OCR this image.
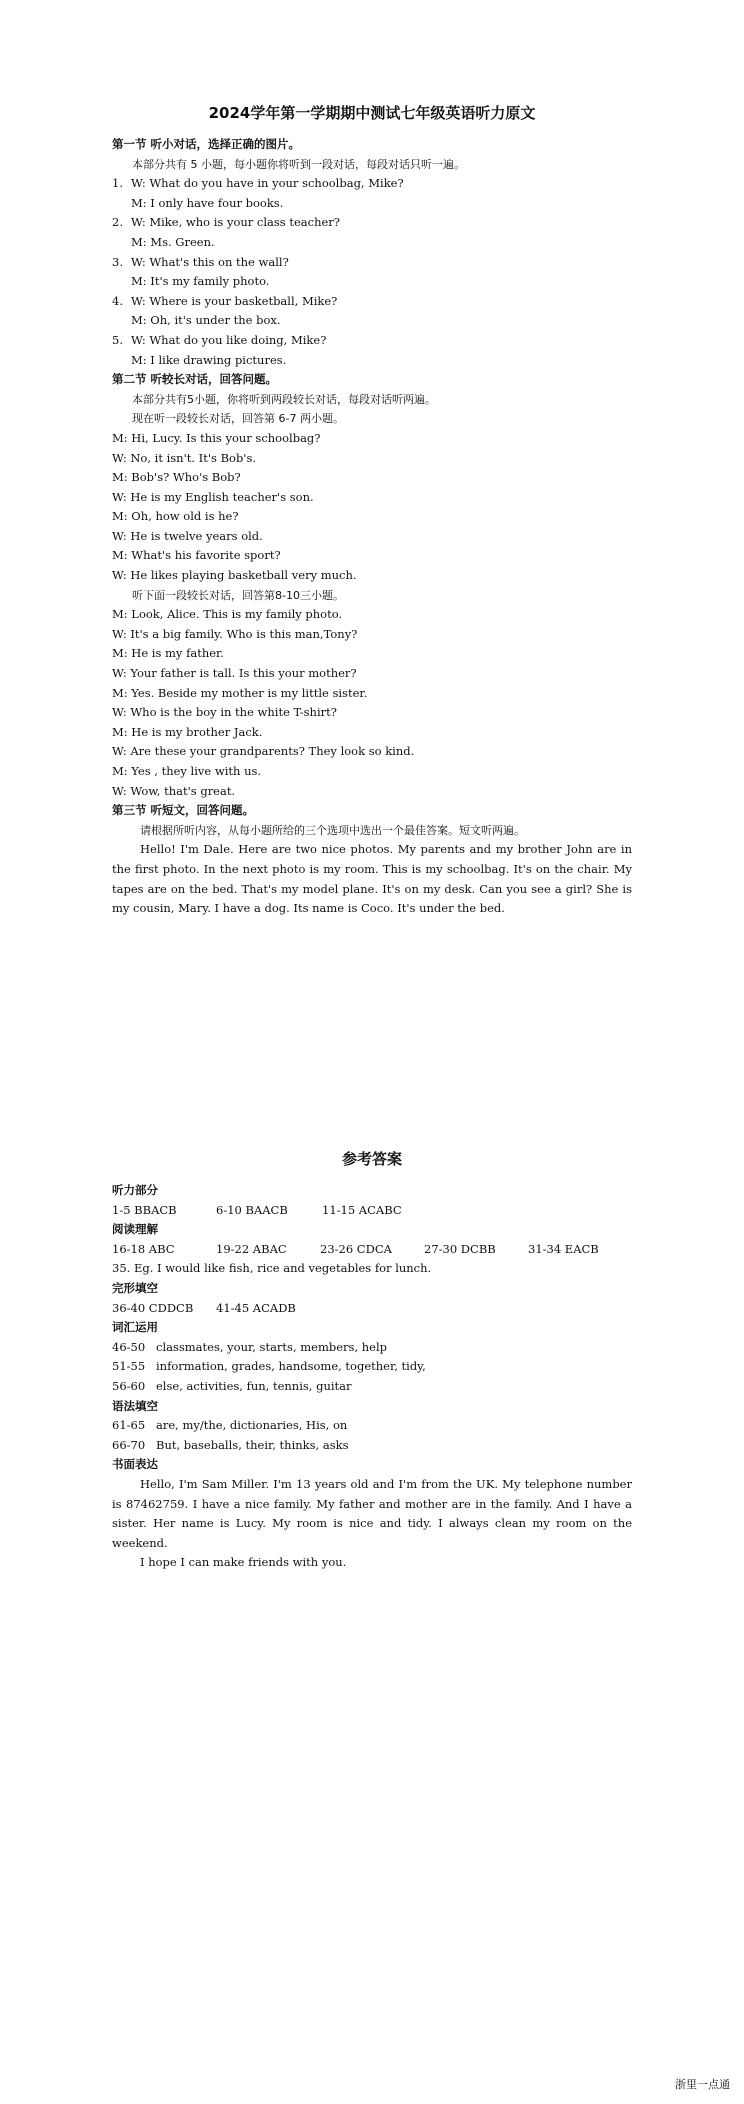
2024学年第一学期期中测试七年级英语听力原文
第一节 听小对话，选择正确的图片。
本部分共有 5 小题，每小题你将听到一段对话，每段对话只听一遍。
1. W: What do you have in your schoolbag, Mike?
M: I only have four books.
2. W: Mike, who is your class teacher?
M: Ms. Green.
3. W: What's this on the wall?
M: It's my family photo.
4. W: Where is your basketball, Mike?
M: Oh, it's under the box.
5. W: What do you like doing, Mike?
M: I like drawing pictures.
第二节 听较长对话，回答问题。
本部分共有5小题，你将听到两段较长对话，每段对话听两遍。
现在听一段较长对话，回答第 6-7 两小题。
M: Hi, Lucy. Is this your schoolbag?
W: No, it isn't. It's Bob's.
M: Bob's? Who's Bob?
W: He is my English teacher's son.
M: Oh, how old is he?
W: He is twelve years old.
M: What's his favorite sport?
W: He likes playing basketball very much.
听下面一段较长对话，回答第8-10三小题。
M: Look, Alice. This is my family photo.
W: It's a big family. Who is this man,Tony?
M: He is my father.
W: Your father is tall. Is this your mother?
M: Yes. Beside my mother is my little sister.
W: Who is the boy in the white T-shirt?
M: He is my brother Jack.
W: Are these your grandparents? They look so kind.
M: Yes , they live with us.
W: Wow, that's great.
第三节 听短文，回答问题。
请根据所听内容，从每小题所给的三个选项中选出一个最佳答案。短文听两遍。
Hello! I'm Dale. Here are two nice photos. My parents and my brother John are in the first photo. In the next photo is my room. This is my schoolbag. It's on the chair. My tapes are on the bed. That's my model plane. It's on my desk. Can you see a girl? She is my cousin, Mary. I have a dog. Its name is Coco. It's under the bed.
参考答案
听力部分
1-5 BBACB	6-10 BAACB	11-15 ACABC
阅读理解
16-18 ABC	19-22 ABAC	23-26 CDCA	27-30 DCBB	31-34 EACB
35. Eg. I would like fish, rice and vegetables for lunch.
完形填空
36-40 CDDCB 41-45 ACADB
词汇运用
46-50 classmates, your, starts, members, help
51-55 information, grades, handsome, together, tidy,
56-60 else, activities, fun, tennis, guitar
语法填空
61-65 are, my/the, dictionaries, His, on
66-70 But, baseballs, their, thinks, asks
书面表达
Hello, I'm Sam Miller. I'm 13 years old and I'm from the UK. My telephone number is 87462759. I have a nice family. My father and mother are in the family. And I have a sister. Her name is Lucy. My room is nice and tidy. I always clean my room on the weekend.
I hope I can make friends with you.
浙里一点通
